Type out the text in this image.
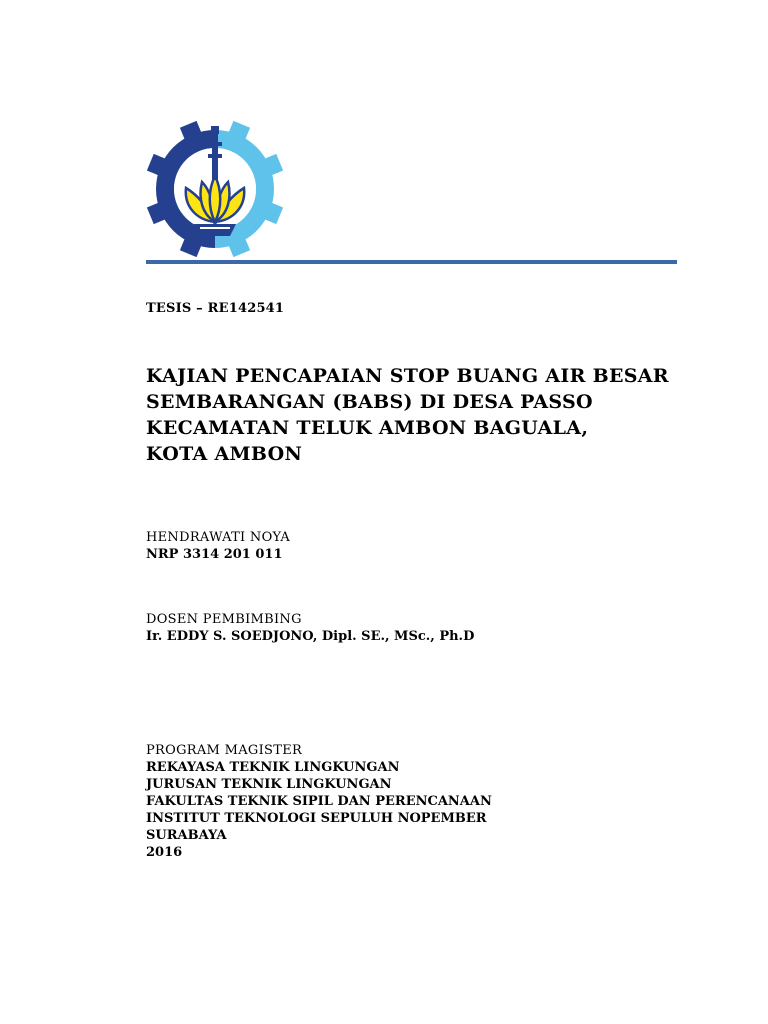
TESIS – RE142541
KAJIAN PENCAPAIAN STOP BUANG AIR BESAR
SEMBARANGAN (BABS) DI DESA PASSO
KECAMATAN TELUK AMBON BAGUALA,
KOTA AMBON
HENDRAWATI NOYA
NRP 3314 201 011
DOSEN PEMBIMBING
Ir. EDDY S. SOEDJONO, Dipl. SE., MSc., Ph.D
PROGRAM MAGISTER
REKAYASA TEKNIK LINGKUNGAN
JURUSAN TEKNIK LINGKUNGAN
FAKULTAS TEKNIK SIPIL DAN PERENCANAAN
INSTITUT TEKNOLOGI SEPULUH NOPEMBER
SURABAYA
2016
